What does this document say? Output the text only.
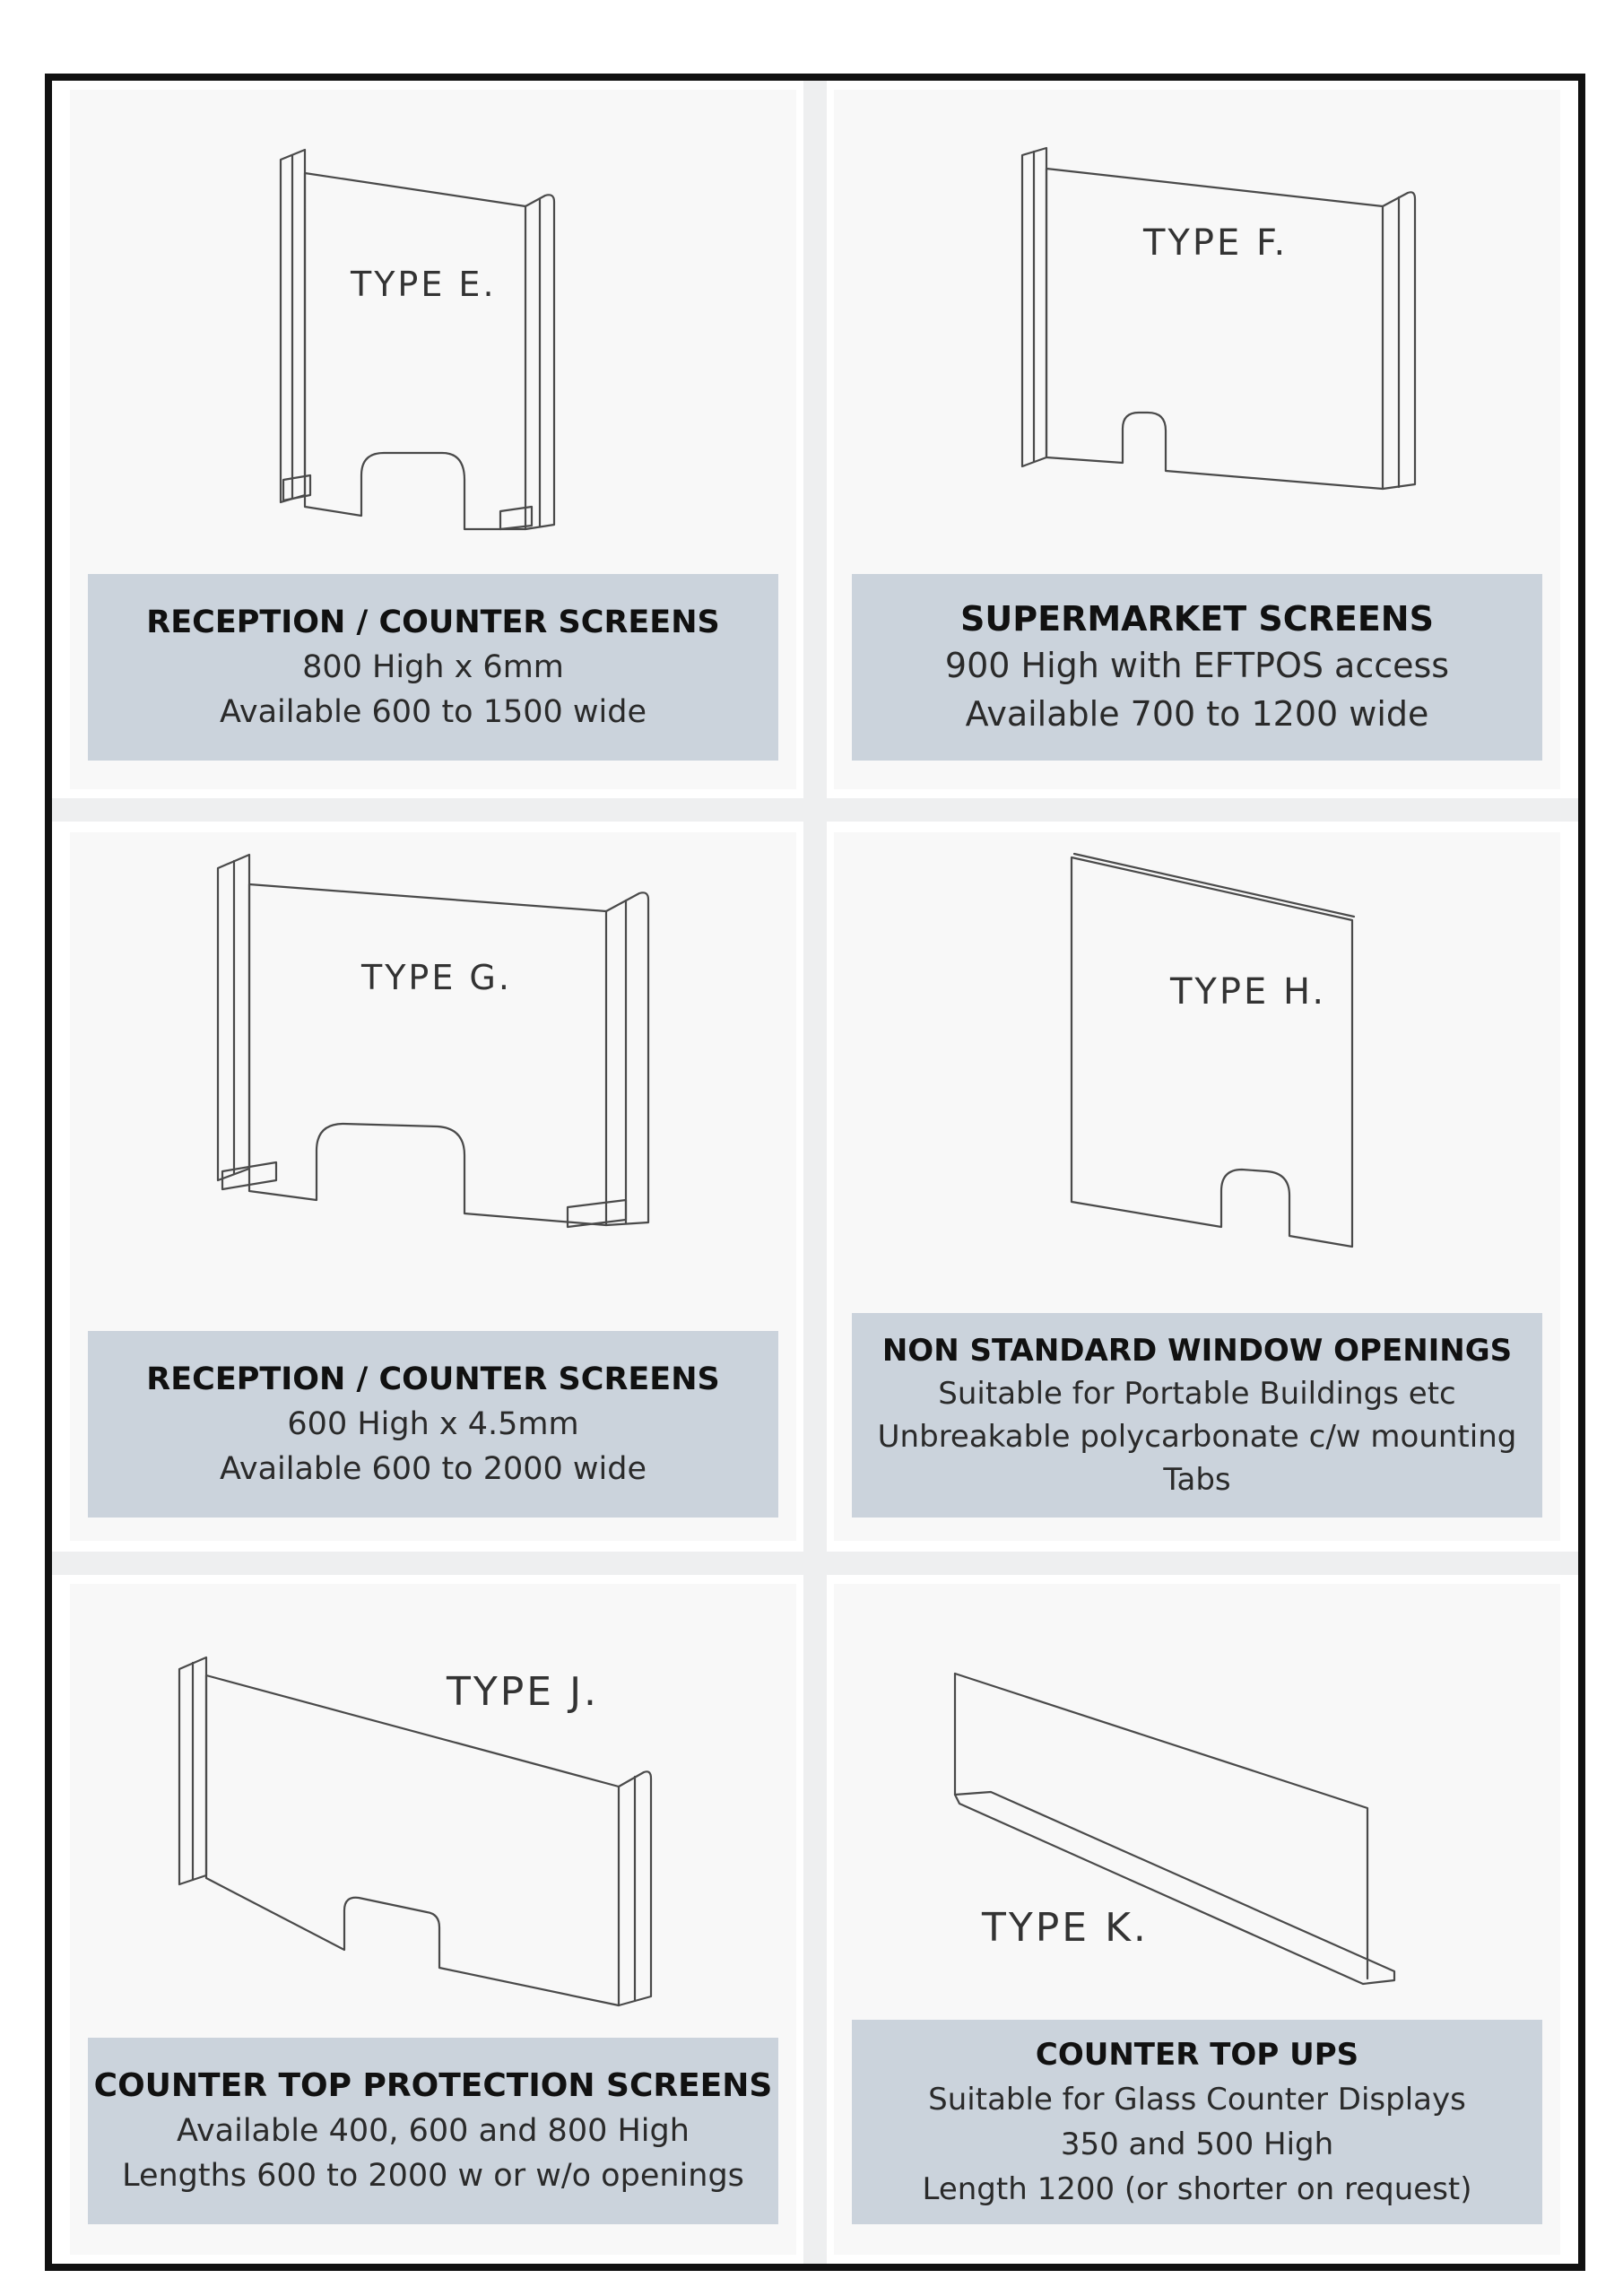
TYPE E.
RECEPTION / COUNTER SCREENS
800 High x 6mm
Available 600 to 1500 wide
TYPE F.
SUPERMARKET SCREENS
900 High with EFTPOS access
Available 700 to 1200 wide
TYPE G.
RECEPTION / COUNTER SCREENS
600 High x 4.5mm
Available 600 to 2000 wide
TYPE H.
NON STANDARD WINDOW OPENINGS
Suitable for Portable Buildings etc
Unbreakable polycarbonate c/w mounting
Tabs
TYPE J.
COUNTER TOP PROTECTION SCREENS
Available 400, 600 and 800 High
Lengths 600 to 2000 w or w/o openings
TYPE K.
COUNTER TOP UPS
Suitable for Glass Counter Displays
350 and 500 High
Length 1200 (or shorter on request)
